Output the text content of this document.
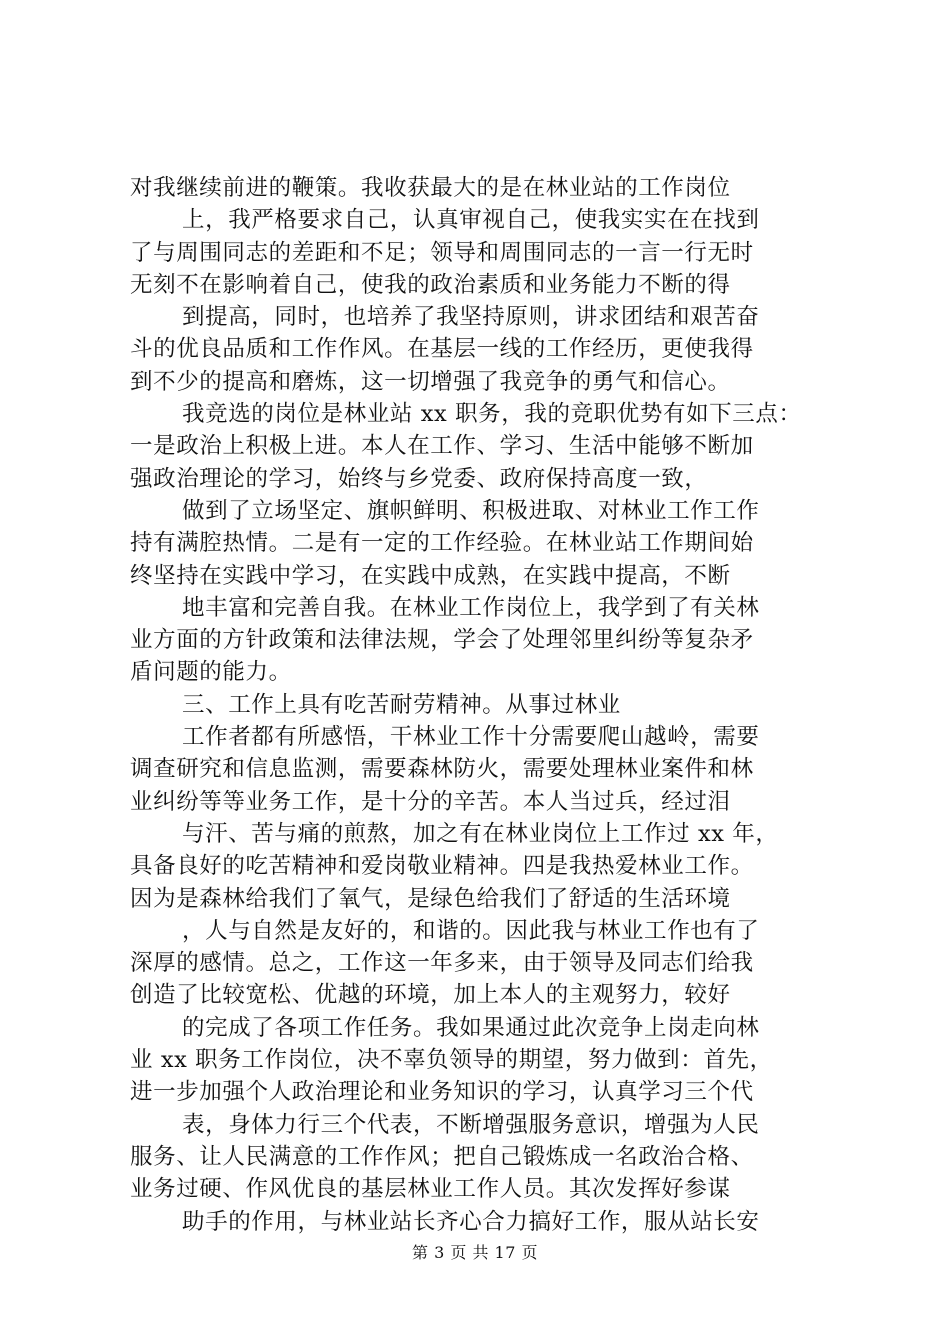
对我继续前进的鞭策。我收获最大的是在林业站的工作岗位
上，我严格要求自己，认真审视自己，使我实实在在找到
了与周围同志的差距和不足；领导和周围同志的一言一行无时
无刻不在影响着自己，使我的政治素质和业务能力不断的得
到提高，同时，也培养了我坚持原则，讲求团结和艰苦奋
斗的优良品质和工作作风。在基层一线的工作经历，更使我得
到不少的提高和磨炼，这一切增强了我竞争的勇气和信心。
我竞选的岗位是林业站 xx 职务，我的竞职优势有如下三点：
一是政治上积极上进。本人在工作、学习、生活中能够不断加
强政治理论的学习，始终与乡党委、政府保持高度一致，
做到了立场坚定、旗帜鲜明、积极进取、对林业工作工作
持有满腔热情。二是有一定的工作经验。在林业站工作期间始
终坚持在实践中学习，在实践中成熟，在实践中提高，不断
地丰富和完善自我。在林业工作岗位上，我学到了有关林
业方面的方针政策和法律法规，学会了处理邻里纠纷等复杂矛
盾问题的能力。
三、工作上具有吃苦耐劳精神。从事过林业
工作者都有所感悟，干林业工作十分需要爬山越岭，需要
调查研究和信息监测，需要森林防火，需要处理林业案件和林
业纠纷等等业务工作，是十分的辛苦。本人当过兵，经过泪
与汗、苦与痛的煎熬，加之有在林业岗位上工作过 xx 年，
具备良好的吃苦精神和爱岗敬业精神。四是我热爱林业工作。
因为是森林给我们了氧气，是绿色给我们了舒适的生活环境
，人与自然是友好的，和谐的。因此我与林业工作也有了
深厚的感情。总之，工作这一年多来，由于领导及同志们给我
创造了比较宽松、优越的环境，加上本人的主观努力，较好
的完成了各项工作任务。我如果通过此次竞争上岗走向林
业 xx 职务工作岗位，决不辜负领导的期望，努力做到：首先，
进一步加强个人政治理论和业务知识的学习，认真学习三个代
表，身体力行三个代表，不断增强服务意识，增强为人民
服务、让人民满意的工作作风；把自己锻炼成一名政治合格、
业务过硬、作风优良的基层林业工作人员。其次发挥好参谋
助手的作用，与林业站长齐心合力搞好工作，服从站长安
第 3 页 共 17 页
